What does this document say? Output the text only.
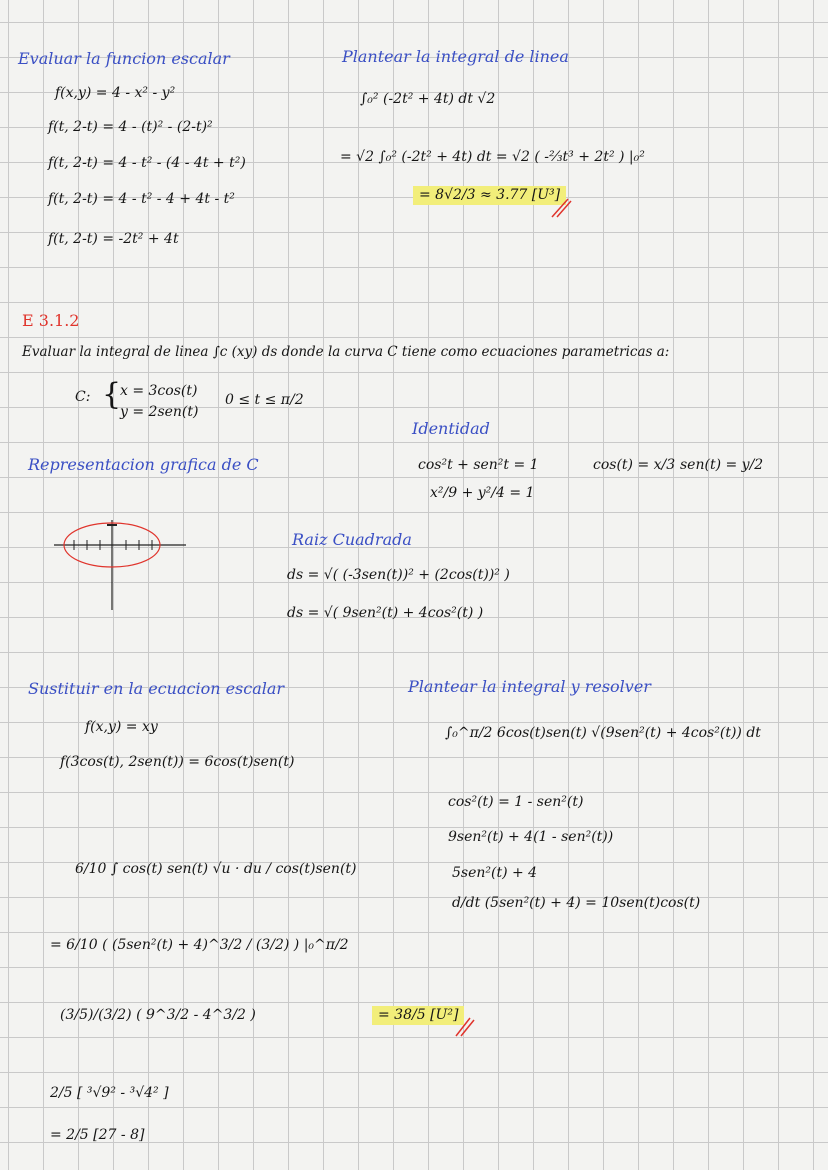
Evaluar la funcion escalar
f(x,y) = 4 - x² - y²
f(t, 2-t) = 4 - (t)² - (2-t)²
f(t, 2-t) = 4 - t² - (4 - 4t + t²)
f(t, 2-t) = 4 - t² - 4 + 4t - t²
f(t, 2-t) = -2t² + 4t
Plantear la integral de linea
∫₀² (-2t² + 4t) dt √2
= √2 ∫₀² (-2t² + 4t) dt = √2 ( -⅔t³ + 2t² ) |₀²
= 8√2/3 ≈ 3.77 [U³]
E 3.1.2
Evaluar la integral de linea ∫c (xy) ds donde la curva C tiene como ecuaciones parametricas a:
C: {
x = 3cos(t)
y = 2sen(t)
0 ≤ t ≤ π/2
Representacion grafica de C
Identidad
cos²t + sen²t = 1
x²/9 + y²/4 = 1
cos(t) = x/3 sen(t) = y/2
Raiz Cuadrada
ds = √( (-3sen(t))² + (2cos(t))² )
ds = √( 9sen²(t) + 4cos²(t) )
Sustituir en la ecuacion escalar
f(x,y) = xy
f(3cos(t), 2sen(t)) = 6cos(t)sen(t)
Plantear la integral y resolver
∫₀^π/2 6cos(t)sen(t) √(9sen²(t) + 4cos²(t)) dt
cos²(t) = 1 - sen²(t)
9sen²(t) + 4(1 - sen²(t))
5sen²(t) + 4
d/dt (5sen²(t) + 4) = 10sen(t)cos(t)
6/10 ∫ cos(t) sen(t) √u · du / cos(t)sen(t)
= 6/10 ( (5sen²(t) + 4)^3/2 / (3/2) ) |₀^π/2
(3/5)/(3/2) ( 9^3/2 - 4^3/2 )
2/5 [ ³√9² - ³√4² ]
= 2/5 [27 - 8]
= 38/5 [U²]
